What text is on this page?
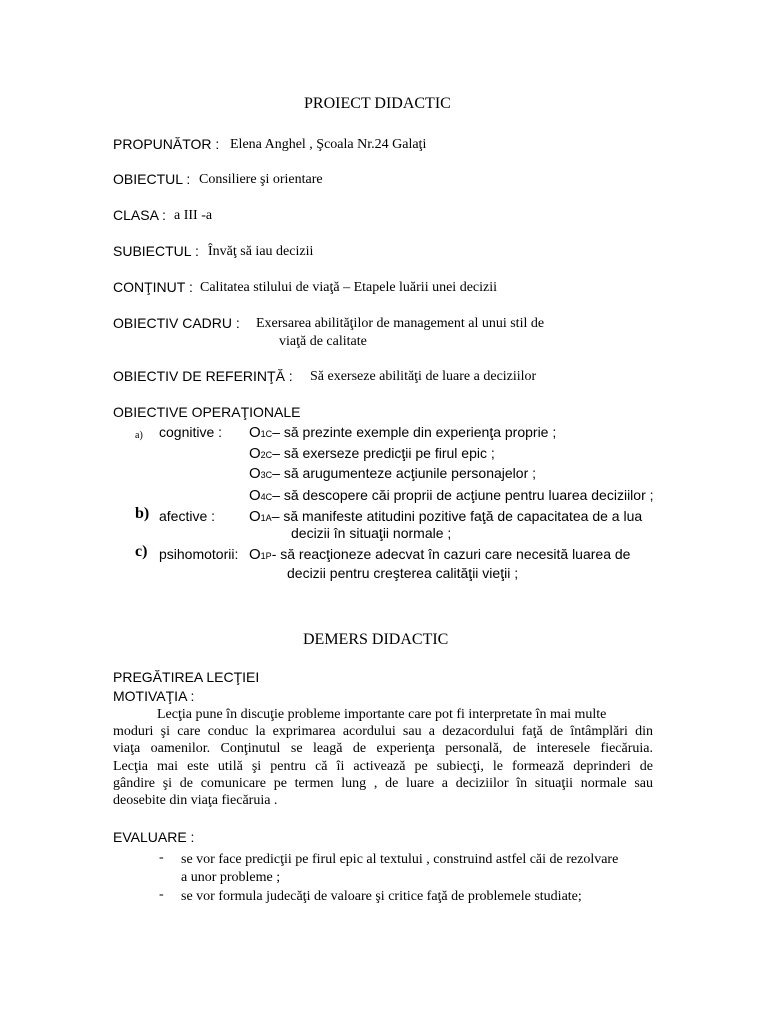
PROIECT DIDACTIC
PROPUNĂTOR : Elena Anghel , Şcoala Nr.24 Galaţi
OBIECTUL : Consiliere şi orientare
CLASA : a III -a
SUBIECTUL : Învăţ să iau decizii
CONŢINUT : Calitatea stilului de viaţă – Etapele luării unei decizii
OBIECTIV CADRU : Exersarea abilităţilor de management al unui stil de
viaţă de calitate
OBIECTIV DE REFERINŢĂ : Să exerseze abilităţi de luare a deciziilor
OBIECTIVE OPERAŢIONALE
a) cognitive : O1C– să prezinte exemple din experienţa proprie ;
O2C– să exerseze predicţii pe firul epic ;
O3C– să arugumenteze acţiunile personajelor ;
O4C– să descopere căi proprii de acţiune pentru luarea deciziilor ;
b) afective : O1A– să manifeste atitudini pozitive faţă de capacitatea de a lua
decizii în situaţii normale ;
c) psihomotorii: O1P- să reacţioneze adecvat în cazuri care necesită luarea de
decizii pentru creşterea calităţii vieţii ;
DEMERS DIDACTIC
PREGĂTIREA LECŢIEI
MOTIVAŢIA :
Lecţia pune în discuţie probleme importante care pot fi interpretate în mai multe
moduri şi care conduc la exprimarea acordului sau a dezacordului faţă de întâmplări din
viaţa oamenilor. Conţinutul se leagă de experienţa personală, de interesele fiecăruia.
Lecţia mai este utilă şi pentru că îi activează pe subiecţi, le formează deprinderi de
gândire şi de comunicare pe termen lung , de luare a deciziilor în situaţii normale sau
deosebite din viaţa fiecăruia .
EVALUARE :
- se vor face predicţii pe firul epic al textului , construind astfel căi de rezolvare
a unor probleme ;
- se vor formula judecăţi de valoare şi critice faţă de problemele studiate;
